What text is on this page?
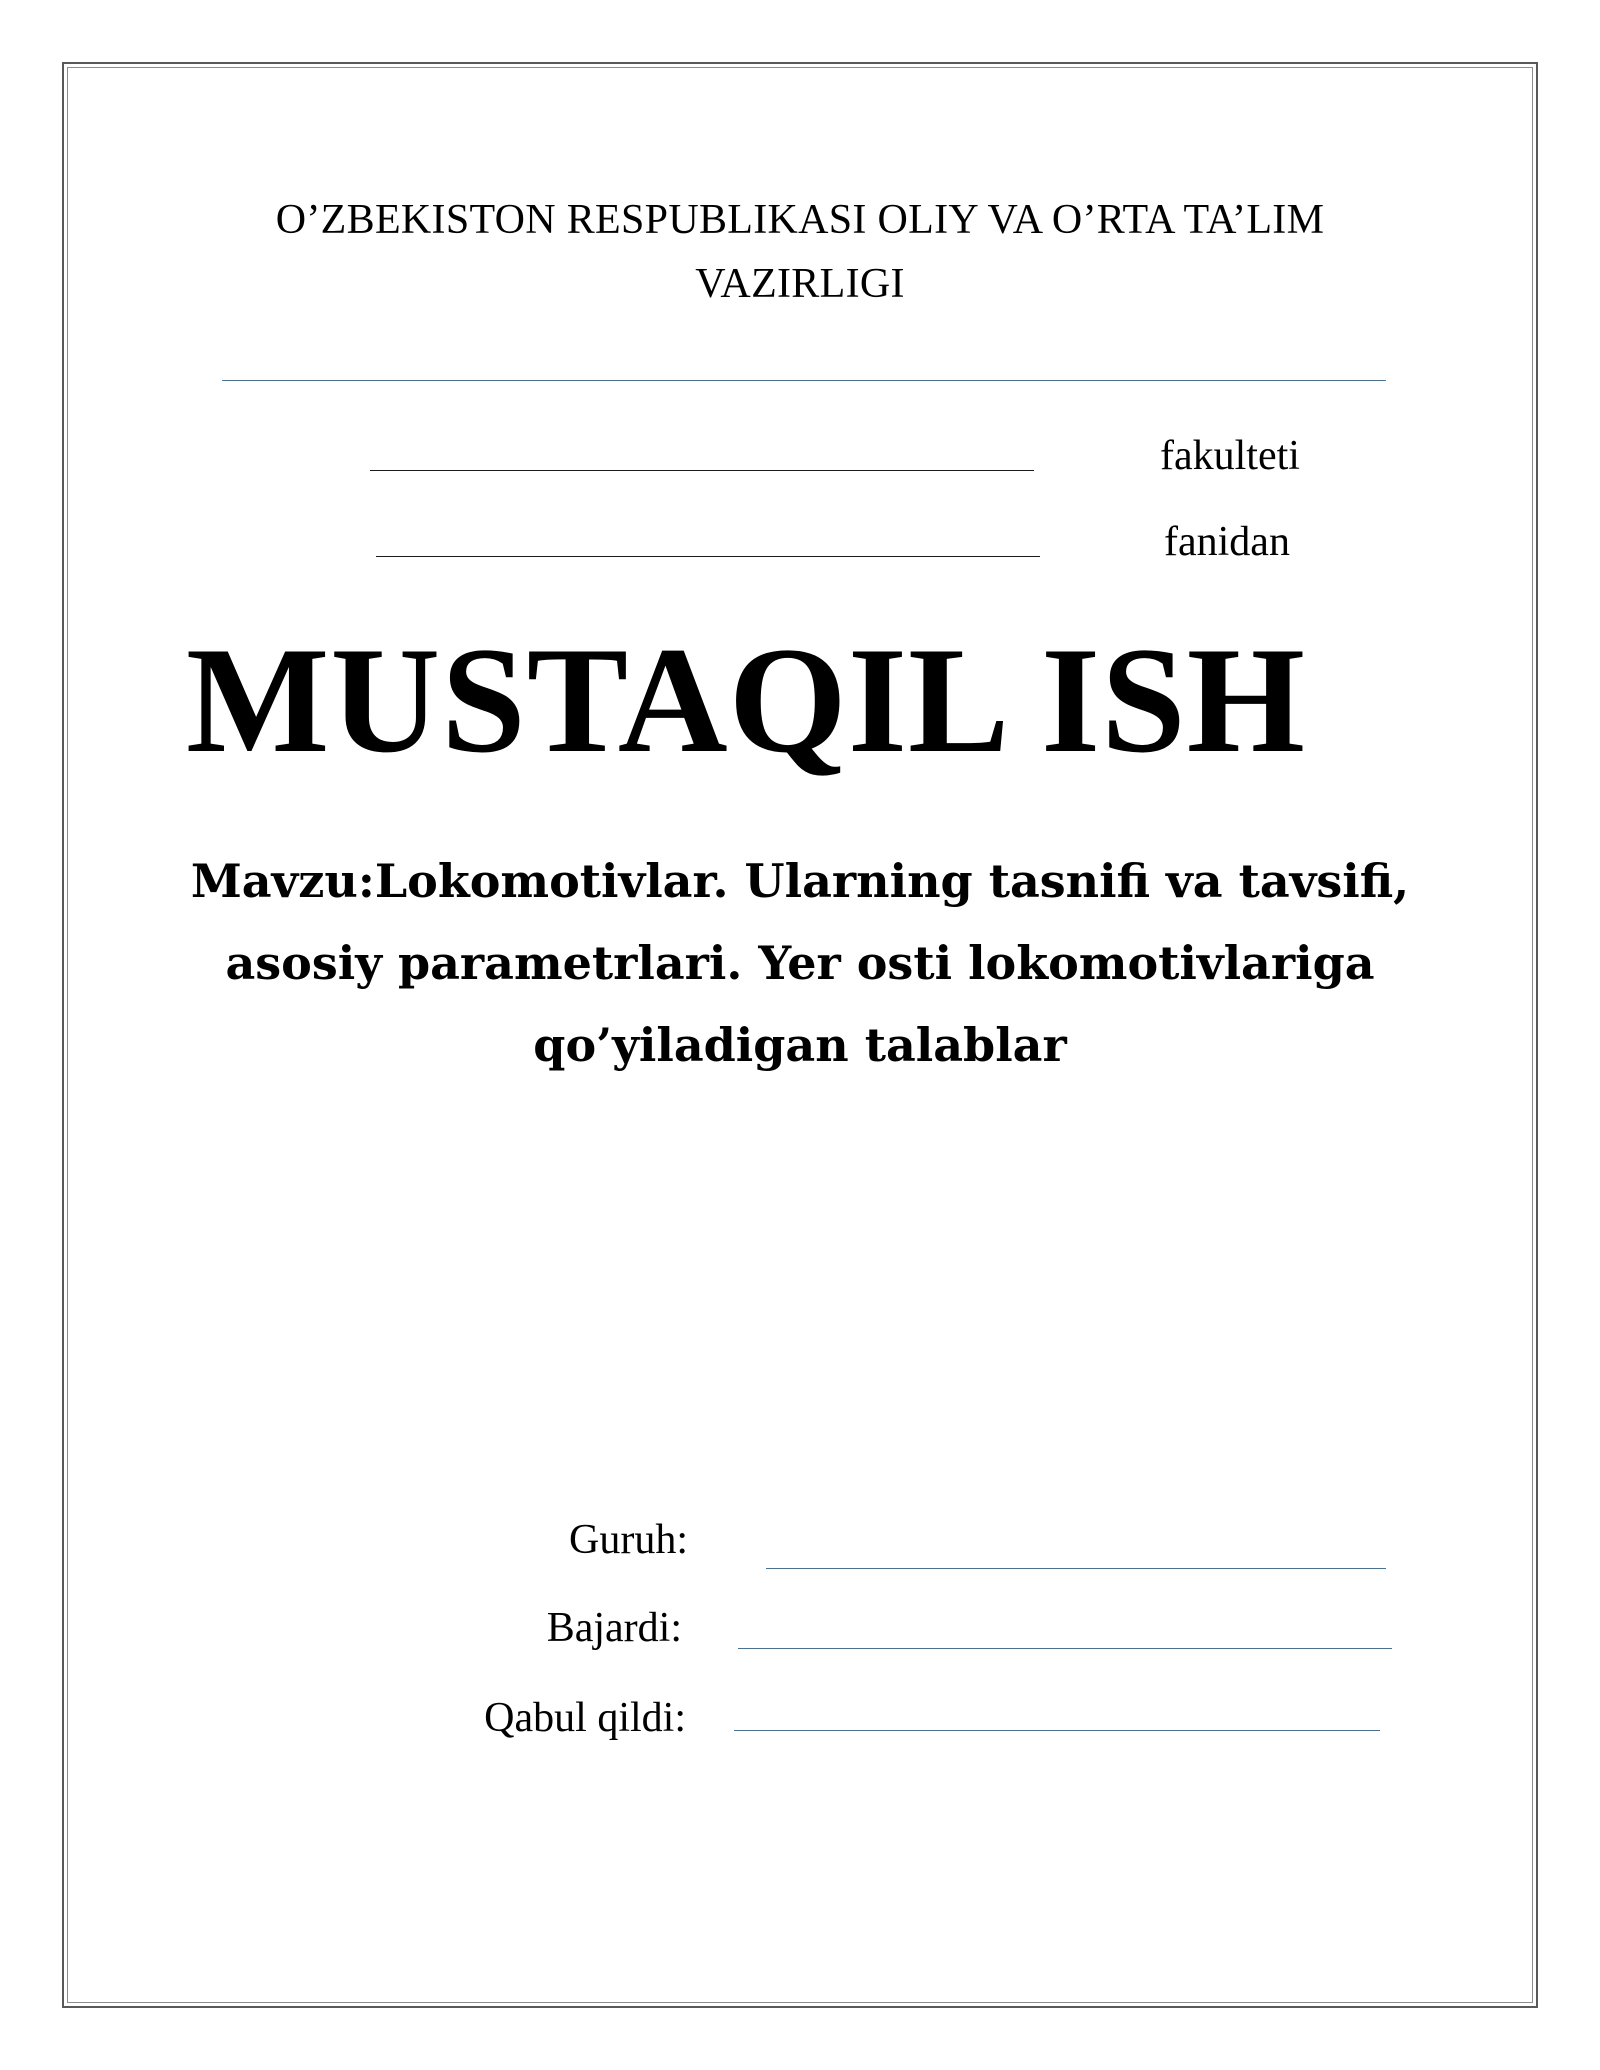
O’ZBEKISTON RESPUBLIKASI OLIY VA O’RTA TA’LIM
VAZIRLIGI
fakulteti
fanidan
MUSTAQIL ISH
Mavzu:Lokomotivlar. Ularning tasnifi va tavsifi, asosiy parametrlari. Yer osti lokomotivlariga qo’yiladigan talablar
Guruh:
Bajardi:
Qabul qildi:
